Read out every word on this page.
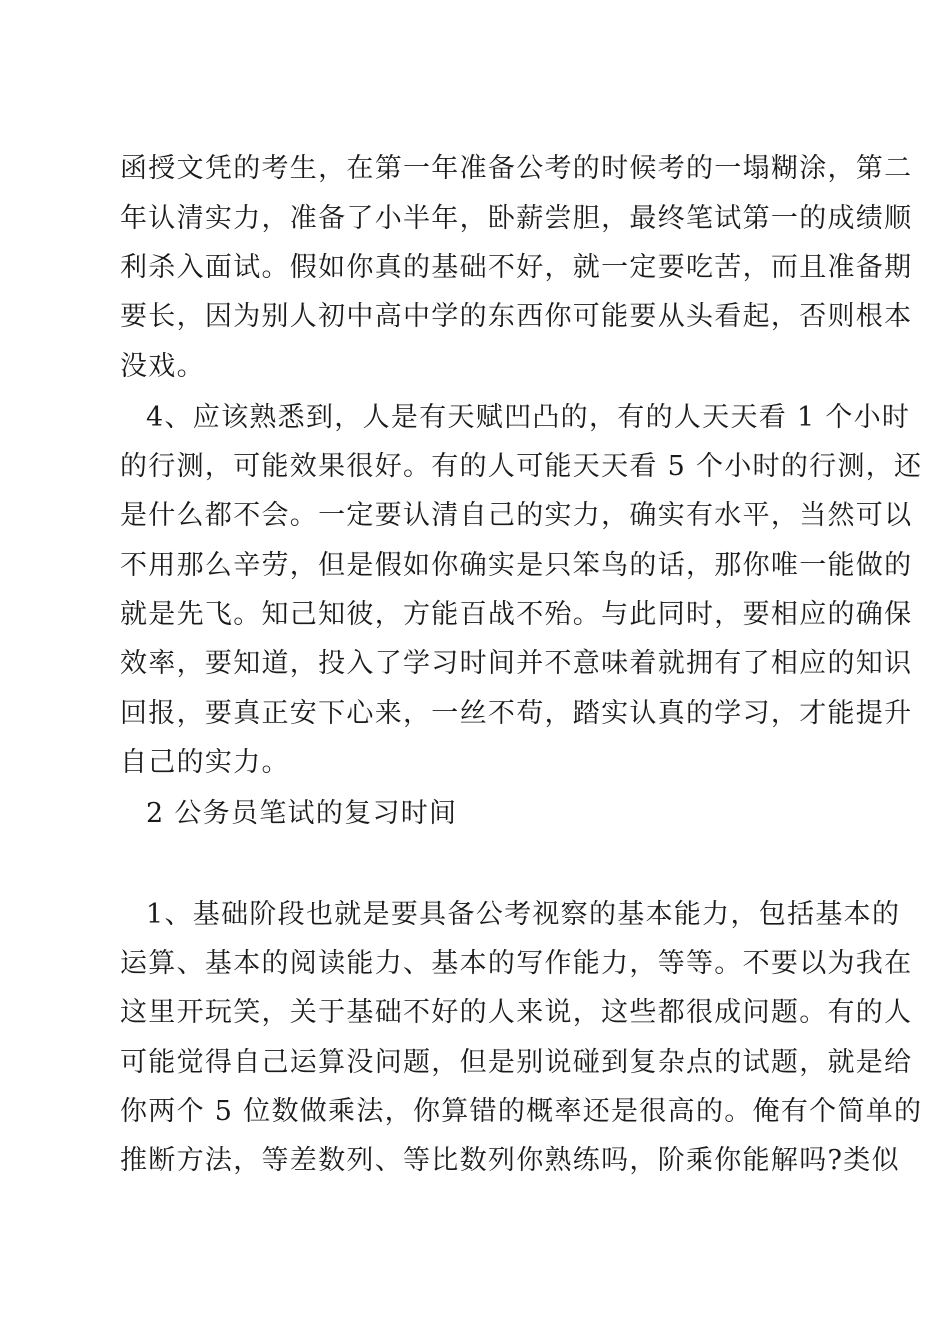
函授文凭的考生，在第一年准备公考的时候考的一塌糊涂，第二
年认清实力，准备了小半年，卧薪尝胆，最终笔试第一的成绩顺
利杀入面试。假如你真的基础不好，就一定要吃苦，而且准备期
要长，因为别人初中高中学的东西你可能要从头看起，否则根本
没戏。
4、应该熟悉到，人是有天赋凹凸的，有的人天天看 1 个小时
的行测，可能效果很好。有的人可能天天看 5 个小时的行测，还
是什么都不会。一定要认清自己的实力，确实有水平，当然可以
不用那么辛劳，但是假如你确实是只笨鸟的话，那你唯一能做的
就是先飞。知己知彼，方能百战不殆。与此同时，要相应的确保
效率，要知道，投入了学习时间并不意味着就拥有了相应的知识
回报，要真正安下心来，一丝不苟，踏实认真的学习，才能提升
自己的实力。
2 公务员笔试的复习时间
1、基础阶段也就是要具备公考视察的基本能力，包括基本的
运算、基本的阅读能力、基本的写作能力，等等。不要以为我在
这里开玩笑，关于基础不好的人来说，这些都很成问题。有的人
可能觉得自己运算没问题，但是别说碰到复杂点的试题，就是给
你两个 5 位数做乘法，你算错的概率还是很高的。俺有个简单的
推断方法，等差数列、等比数列你熟练吗，阶乘你能解吗?类似
